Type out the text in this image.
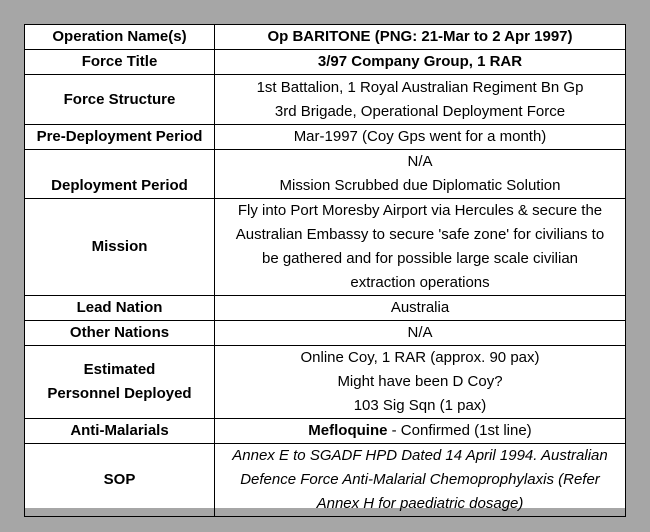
Operation Name(s)	Op BARITONE (PNG: 21-Mar to 2 Apr 1997)
Force Title	3/97 Company Group, 1 RAR
Force Structure	1st Battalion, 1 Royal Australian Regiment Bn Gp
3rd Brigade, Operational Deployment Force

Pre-Deployment Period	Mar-1997 (Coy Gps went for a month)

Deployment Period	N/A
Mission Scrubbed due Diplomatic Solution

Mission	Fly into Port Moresby Airport via Hercules & secure the
Australian Embassy to secure 'safe zone' for civilians to
be gathered and for possible large scale civilian
extraction operations

Lead Nation	Australia
Other Nations	N/A

Estimated
Personnel Deployed	Online Coy, 1 RAR (approx. 90 pax)
Might have been D Coy?
103 Sig Sqn (1 pax)

Anti-Malarials	Mefloquine - Confirmed (1st line)
SOP	Annex E to SGADF HPD Dated 14 April 1994. Australian
Defence Force Anti-Malarial Chemoprophylaxis (Refer
Annex H for paediatric dosage)
